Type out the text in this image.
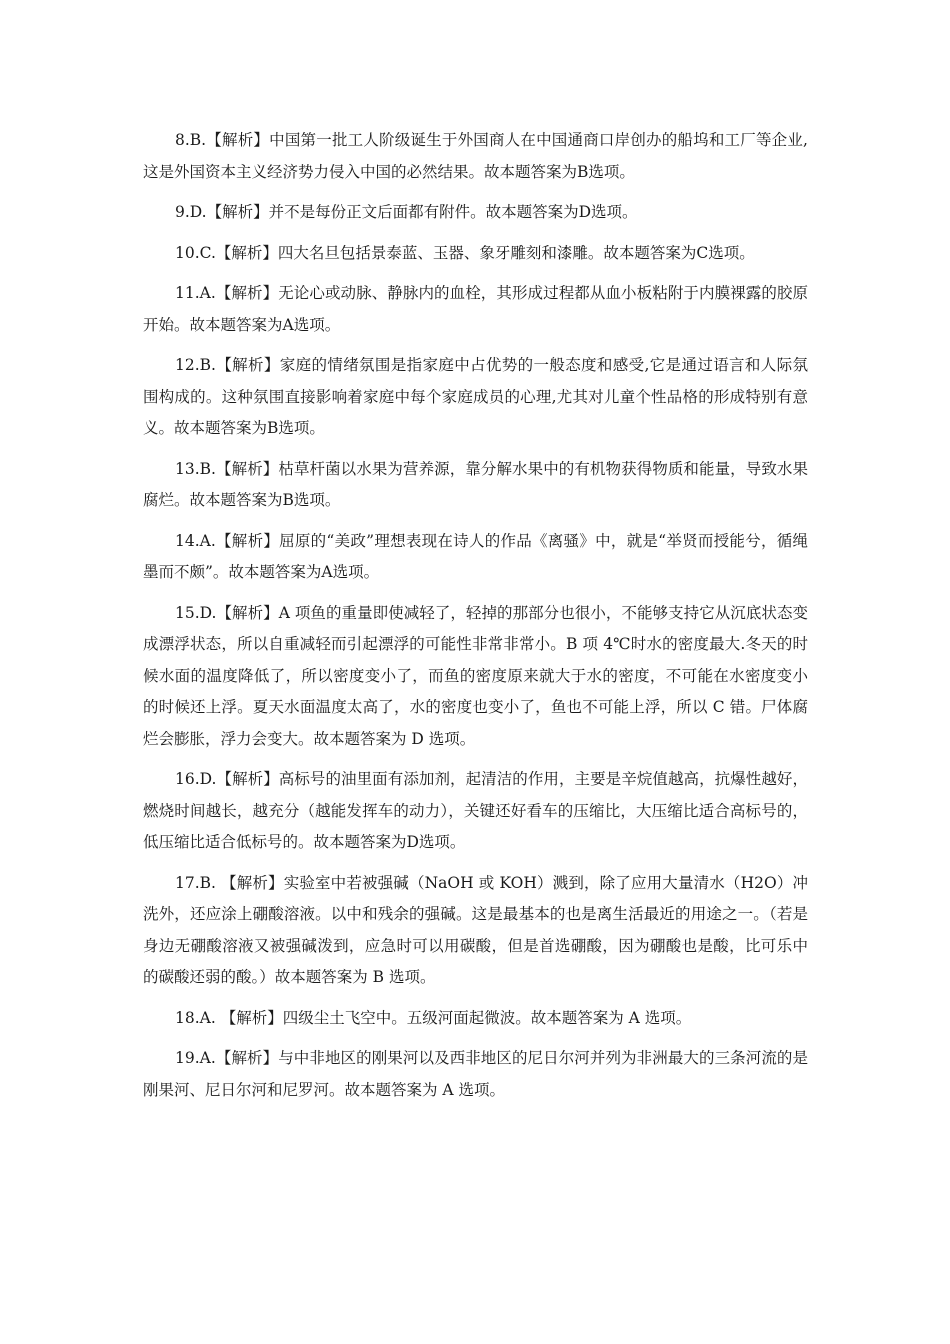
8.B.【解析】中国第一批工人阶级诞生于外国商人在中国通商口岸创办的船坞和工厂等企业,这是外国资本主义经济势力侵入中国的必然结果。故本题答案为B选项。

9.D.【解析】并不是每份正文后面都有附件。故本题答案为D选项。

10.C.【解析】四大名旦包括景泰蓝、玉器、象牙雕刻和漆雕。故本题答案为C选项。

11.A.【解析】无论心或动脉、静脉内的血栓，其形成过程都从血小板粘附于内膜裸露的胶原开始。故本题答案为A选项。

12.B.【解析】家庭的情绪氛围是指家庭中占优势的一般态度和感受,它是通过语言和人际氛围构成的。这种氛围直接影响着家庭中每个家庭成员的心理,尤其对儿童个性品格的形成特别有意义。故本题答案为B选项。

13.B.【解析】枯草杆菌以水果为营养源，靠分解水果中的有机物获得物质和能量，导致水果腐烂。故本题答案为B选项。

14.A.【解析】屈原的“美政”理想表现在诗人的作品《离骚》中，就是“举贤而授能兮，循绳墨而不颇”。故本题答案为A选项。

15.D.【解析】A 项鱼的重量即使减轻了，轻掉的那部分也很小，不能够支持它从沉底状态变成漂浮状态，所以自重减轻而引起漂浮的可能性非常非常小。B 项 4℃时水的密度最大.冬天的时候水面的温度降低了，所以密度变小了，而鱼的密度原来就大于水的密度，不可能在水密度变小的时候还上浮。夏天水面温度太高了，水的密度也变小了，鱼也不可能上浮，所以 C 错。尸体腐烂会膨胀，浮力会变大。故本题答案为 D 选项。

16.D.【解析】高标号的油里面有添加剂，起清洁的作用，主要是辛烷值越高，抗爆性越好，燃烧时间越长，越充分（越能发挥车的动力），关键还好看车的压缩比，大压缩比适合高标号的，低压缩比适合低标号的。故本题答案为D选项。

17.B. 【解析】实验室中若被强碱（NaOH 或 KOH）溅到，除了应用大量清水（H2O）冲洗外，还应涂上硼酸溶液。以中和残余的强碱。这是最基本的也是离生活最近的用途之一。（若是身边无硼酸溶液又被强碱泼到，应急时可以用碳酸，但是首选硼酸，因为硼酸也是酸，比可乐中的碳酸还弱的酸。）故本题答案为 B 选项。

18.A. 【解析】四级尘土飞空中。五级河面起微波。故本题答案为 A 选项。

19.A.【解析】与中非地区的刚果河以及西非地区的尼日尔河并列为非洲最大的三条河流的是刚果河、尼日尔河和尼罗河。故本题答案为 A 选项。
